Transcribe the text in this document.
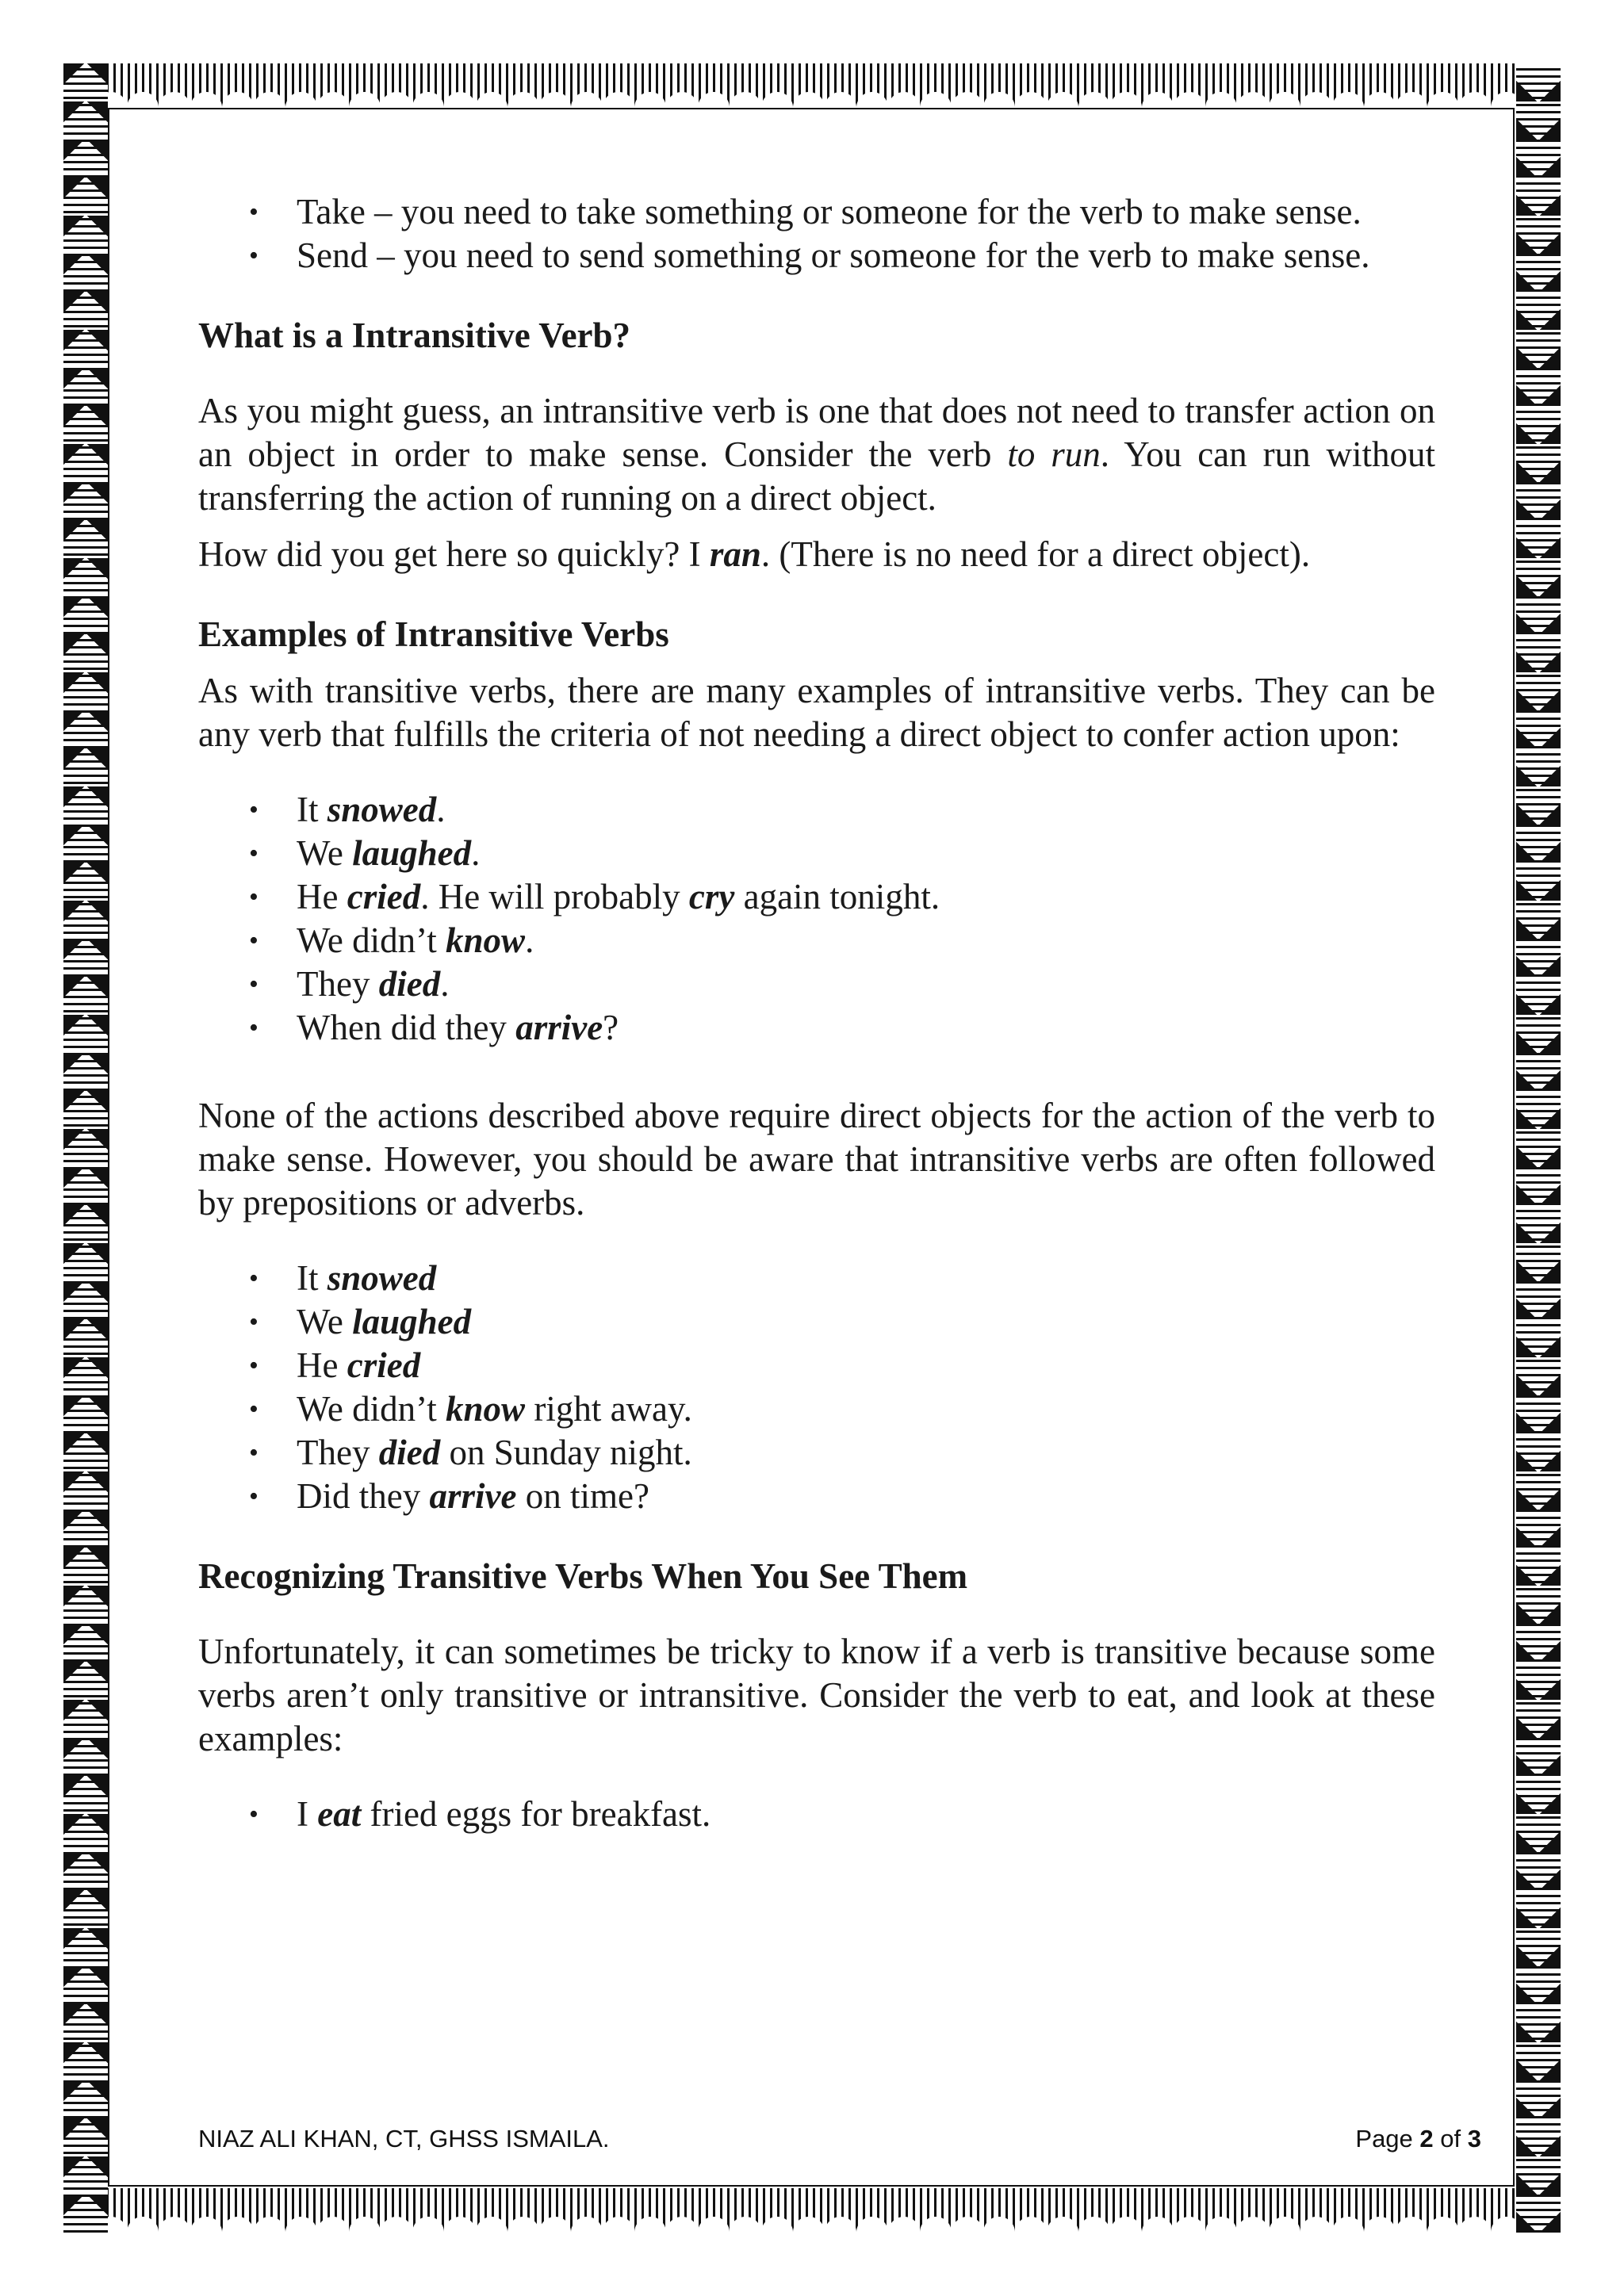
• Take – you need to take something or someone for the verb to make sense.
• Send – you need to send something or someone for the verb to make sense.
What is a Intransitive Verb?

As you might guess, an intransitive verb is one that does not need to transfer action on an object in order to make sense. Consider the verb to run. You can run without transferring the action of running on a direct object.

How did you get here so quickly? I ran. (There is no need for a direct object).

Examples of Intransitive Verbs

As with transitive verbs, there are many examples of intransitive verbs. They can be any verb that fulfills the criteria of not needing a direct object to confer action upon:

• It snowed.
• We laughed.
• He cried. He will probably cry again tonight.
• We didn’t know.
• They died.
• When did they arrive?

None of the actions described above require direct objects for the action of the verb to make sense. However, you should be aware that intransitive verbs are often followed by prepositions or adverbs.

• It snowed
• We laughed
• He cried
• We didn’t know right away.
• They died on Sunday night.
• Did they arrive on time?
Recognizing Transitive Verbs When You See Them

Unfortunately, it can sometimes be tricky to know if a verb is transitive because some verbs aren’t only transitive or intransitive. Consider the verb to eat, and look at these examples:

• I eat fried eggs for breakfast.
NIAZ ALI KHAN, CT, GHSS ISMAILA.	Page 2 of 3
